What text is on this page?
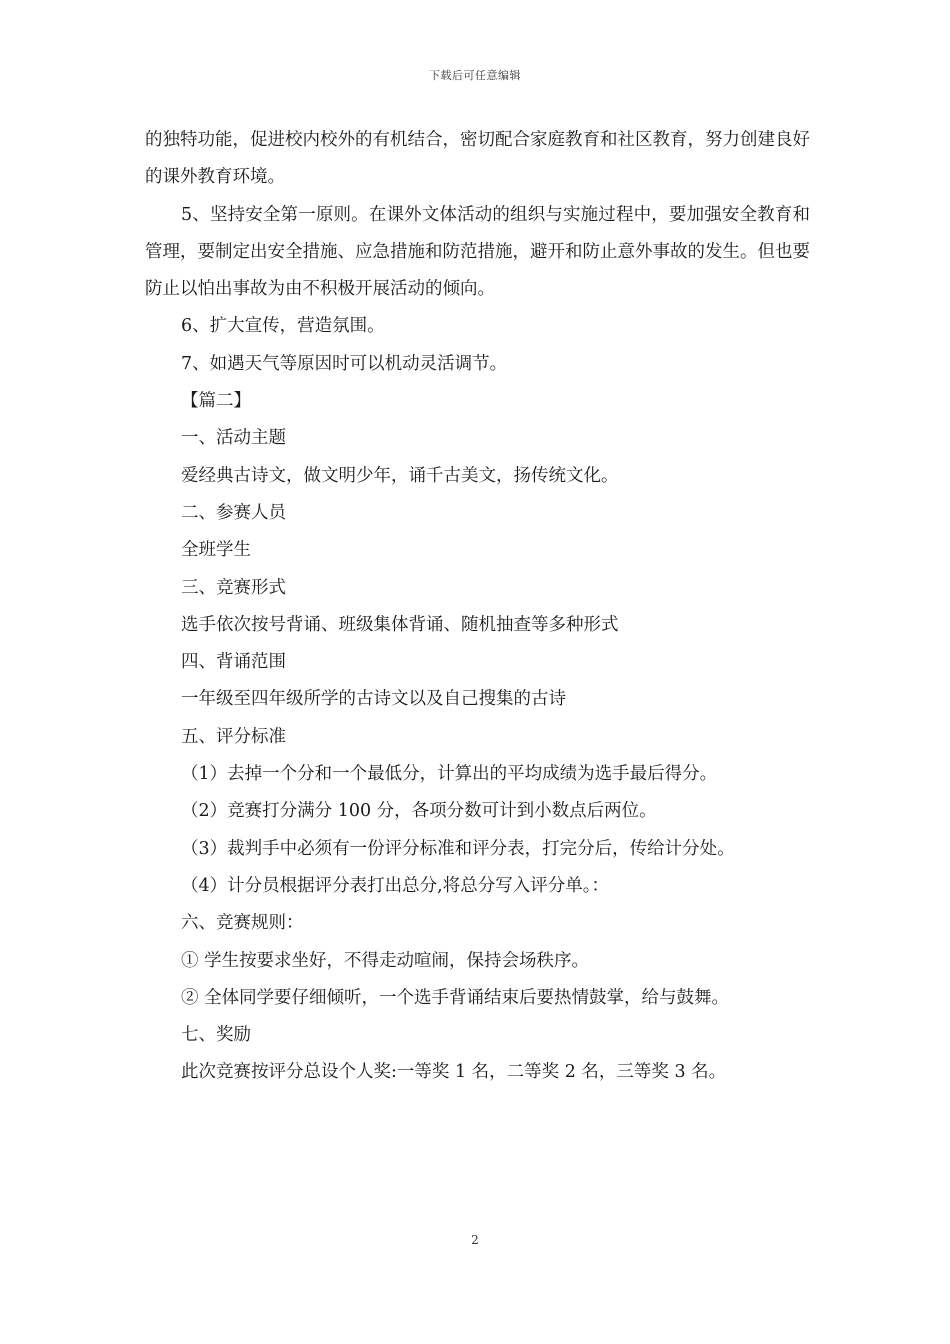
下载后可任意编辑

的独特功能，促进校内校外的有机结合，密切配合家庭教育和社区教育，努力创建良好的课外教育环境。

5、坚持安全第一原则。在课外文体活动的组织与实施过程中，要加强安全教育和管理，要制定出安全措施、应急措施和防范措施，避开和防止意外事故的发生。但也要防止以怕出事故为由不积极开展活动的倾向。

6、扩大宣传，营造氛围。

7、如遇天气等原因时可以机动灵活调节。

【篇二】

一、活动主题

爱经典古诗文，做文明少年，诵千古美文，扬传统文化。

二、参赛人员

全班学生

三、竞赛形式

选手依次按号背诵、班级集体背诵、随机抽查等多种形式

四、背诵范围

一年级至四年级所学的古诗文以及自己搜集的古诗

五、评分标准

（1）去掉一个分和一个最低分，计算出的平均成绩为选手最后得分。

（2）竞赛打分满分 100 分，各项分数可计到小数点后两位。

（3）裁判手中必须有一份评分标准和评分表，打完分后，传给计分处。

（4）计分员根据评分表打出总分,将总分写入评分单。：

六、竞赛规则：

① 学生按要求坐好，不得走动喧闹，保持会场秩序。

② 全体同学要仔细倾听，一个选手背诵结束后要热情鼓掌，给与鼓舞。

七、奖励

此次竞赛按评分总设个人奖:一等奖 1 名，二等奖 2 名，三等奖 3 名。

2
